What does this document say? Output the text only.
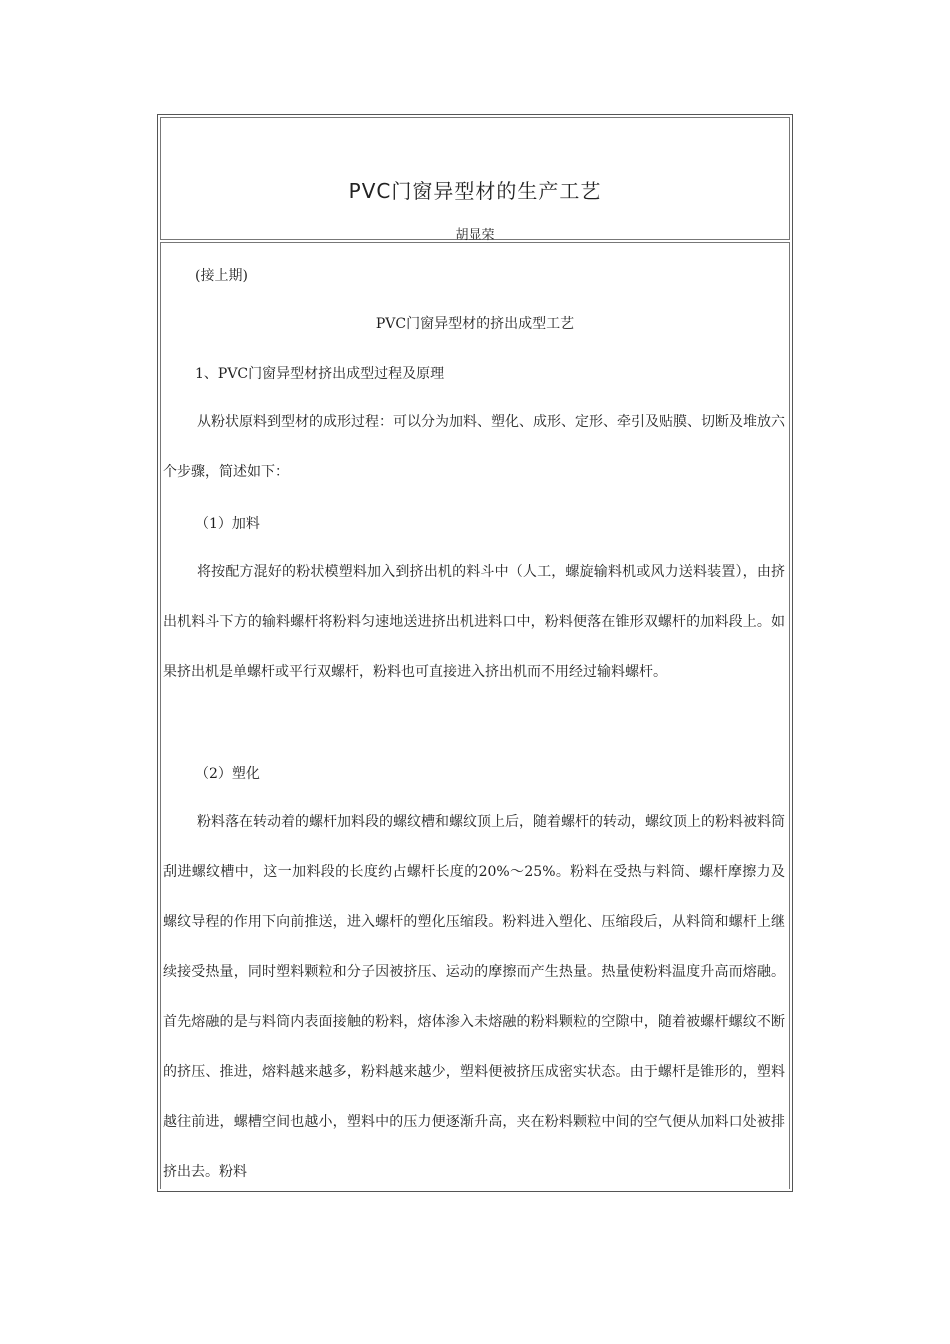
PVC门窗异型材的生产工艺
胡显荣
(接上期)
PVC门窗异型材的挤出成型工艺
1、PVC门窗异型材挤出成型过程及原理
从粉状原料到型材的成形过程：可以分为加料、塑化、成形、定形、牵引及贴膜、切断及堆放六个步骤，简述如下：
（1）加料
将按配方混好的粉状模塑料加入到挤出机的料斗中（人工，螺旋输料机或风力送料装置），由挤出机料斗下方的输料螺杆将粉料匀速地送进挤出机进料口中，粉料便落在锥形双螺杆的加料段上。如果挤出机是单螺杆或平行双螺杆，粉料也可直接进入挤出机而不用经过输料螺杆。
（2）塑化
粉料落在转动着的螺杆加料段的螺纹槽和螺纹顶上后，随着螺杆的转动，螺纹顶上的粉料被料筒刮进螺纹槽中，这一加料段的长度约占螺杆长度的20%～25%。粉料在受热与料筒、螺杆摩擦力及螺纹导程的作用下向前推送，进入螺杆的塑化压缩段。粉料进入塑化、压缩段后，从料筒和螺杆上继续接受热量，同时塑料颗粒和分子因被挤压、运动的摩擦而产生热量。热量使粉料温度升高而熔融。首先熔融的是与料筒内表面接触的粉料，熔体渗入未熔融的粉料颗粒的空隙中，随着被螺杆螺纹不断的挤压、推进，熔料越来越多，粉料越来越少，塑料便被挤压成密实状态。由于螺杆是锥形的，塑料越往前进，螺槽空间也越小，塑料中的压力便逐渐升高，夹在粉料颗粒中间的空气便从加料口处被排挤出去。粉料
